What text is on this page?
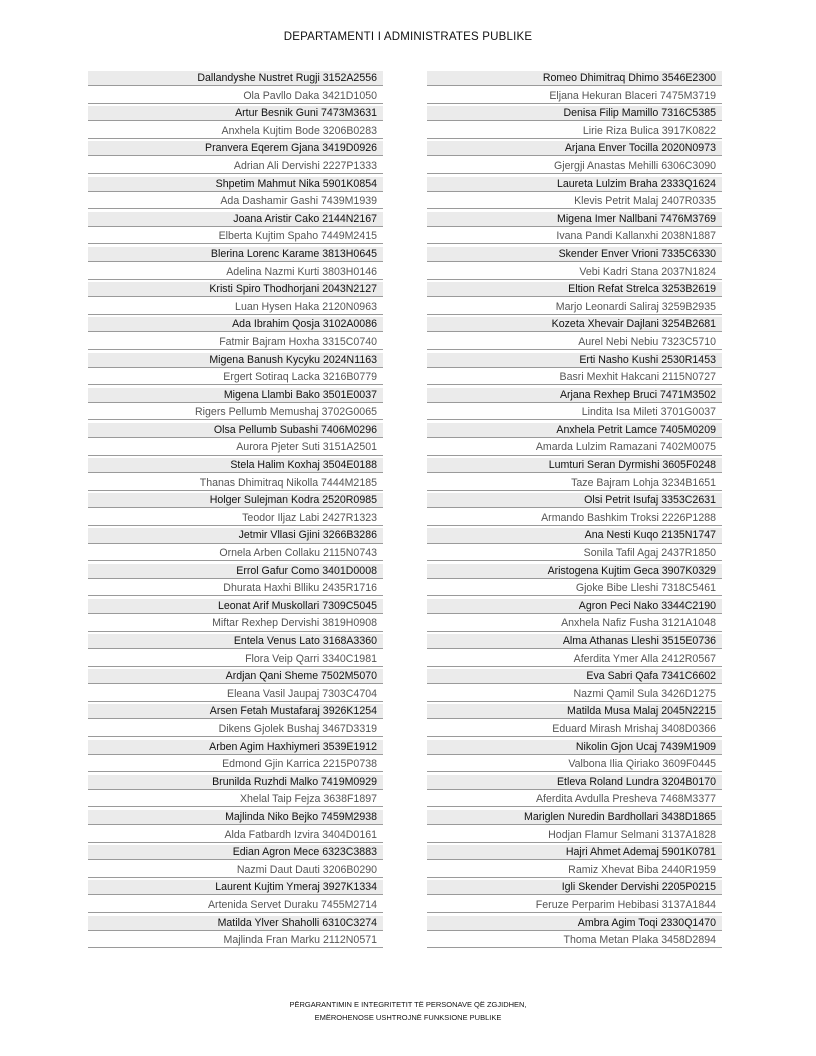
DEPARTAMENTI I ADMINISTRATES PUBLIKE
Dallandyshe Nustret Rugji 3152A2556
Ola Pavllo Daka 3421D1050
Artur Besnik Guni 7473M3631
Anxhela Kujtim Bode 3206B0283
Pranvera Eqerem Gjana 3419D0926
Adrian Ali Dervishi 2227P1333
Shpetim Mahmut Nika 5901K0854
Ada Dashamir Gashi 7439M1939
Joana Aristir Cako 2144N2167
Elberta Kujtim Spaho 7449M2415
Blerina Lorenc Karame 3813H0645
Adelina Nazmi Kurti 3803H0146
Kristi Spiro Thodhorjani 2043N2127
Luan Hysen Haka 2120N0963
Ada Ibrahim Qosja 3102A0086
Fatmir Bajram Hoxha 3315C0740
Migena Banush Kycyku 2024N1163
Ergert Sotiraq Lacka 3216B0779
Migena Llambi Bako 3501E0037
Rigers Pellumb Memushaj 3702G0065
Olsa Pellumb Subashi 7406M0296
Aurora Pjeter Suti 3151A2501
Stela Halim Koxhaj 3504E0188
Thanas Dhimitraq Nikolla 7444M2185
Holger Sulejman Kodra 2520R0985
Teodor Iljaz Labi 2427R1323
Jetmir Vllasi Gjini 3266B3286
Ornela Arben Collaku 2115N0743
Errol Gafur Como 3401D0008
Dhurata Haxhi Blliku 2435R1716
Leonat Arif Muskollari 7309C5045
Miftar Rexhep Dervishi 3819H0908
Entela Venus Lato 3168A3360
Flora Veip Qarri 3340C1981
Ardjan Qani Sheme 7502M5070
Eleana Vasil Jaupaj 7303C4704
Arsen Fetah Mustafaraj 3926K1254
Dikens Gjolek Bushaj 3467D3319
Arben Agim Haxhiymeri 3539E1912
Edmond Gjin Karrica 2215P0738
Brunilda Ruzhdi Malko 7419M0929
Xhelal Taip Fejza 3638F1897
Majlinda Niko Bejko 7459M2938
Alda Fatbardh Izvira 3404D0161
Edian Agron Mece 6323C3883
Nazmi Daut Dauti 3206B0290
Laurent Kujtim Ymeraj 3927K1334
Artenida Servet Duraku 7455M2714
Matilda Ylver Shaholli 6310C3274
Majlinda Fran Marku 2112N0571
Romeo Dhimitraq Dhimo 3546E2300
Eljana Hekuran Blaceri 7475M3719
Denisa Filip Mamillo 7316C5385
Lirie Riza Bulica 3917K0822
Arjana Enver Tocilla 2020N0973
Gjergji Anastas Mehilli 6306C3090
Laureta Lulzim Braha 2333Q1624
Klevis Petrit Malaj 2407R0335
Migena Imer Nallbani 7476M3769
Ivana Pandi Kallanxhi 2038N1887
Skender Enver Vrioni 7335C6330
Vebi Kadri Stana 2037N1824
Eltion Refat Strelca 3253B2619
Marjo Leonardi Saliraj 3259B2935
Kozeta Xhevair Dajlani 3254B2681
Aurel Nebi Nebiu 7323C5710
Erti Nasho Kushi 2530R1453
Basri Mexhit Hakcani 2115N0727
Arjana Rexhep Bruci 7471M3502
Lindita Isa Mileti 3701G0037
Anxhela Petrit Lamce 7405M0209
Amarda Lulzim Ramazani 7402M0075
Lumturi Seran Dyrmishi 3605F0248
Taze Bajram Lohja 3234B1651
Olsi Petrit Isufaj 3353C2631
Armando Bashkim Troksi 2226P1288
Ana Nesti Kuqo 2135N1747
Sonila Tafil Agaj 2437R1850
Aristogena Kujtim Geca 3907K0329
Gjoke Bibe Lleshi 7318C5461
Agron Peci Nako 3344C2190
Anxhela Nafiz Fusha 3121A1048
Alma Athanas Lleshi 3515E0736
Aferdita Ymer Alla 2412R0567
Eva Sabri Qafa 7341C6602
Nazmi Qamil Sula 3426D1275
Matilda Musa Malaj 2045N2215
Eduard Mirash Mrishaj 3408D0366
Nikolin Gjon Ucaj 7439M1909
Valbona Ilia Qiriako 3609F0445
Etleva Roland Lundra 3204B0170
Aferdita Avdulla Presheva 7468M3377
Mariglen Nuredin Bardhollari 3438D1865
Hodjan Flamur Selmani 3137A1828
Hajri Ahmet Ademaj 5901K0781
Ramiz Xhevat Biba 2440R1959
Igli Skender Dervishi 2205P0215
Feruze Perparim Hebibasi 3137A1844
Ambra Agim Toqi 2330Q1470
Thoma Metan Plaka 3458D2894
PËRGARANTIMIN E INTEGRITETIT TË PERSONAVE QË ZGJIDHEN,
EMËROHENOSE USHTROJNË FUNKSIONE PUBLIKE
